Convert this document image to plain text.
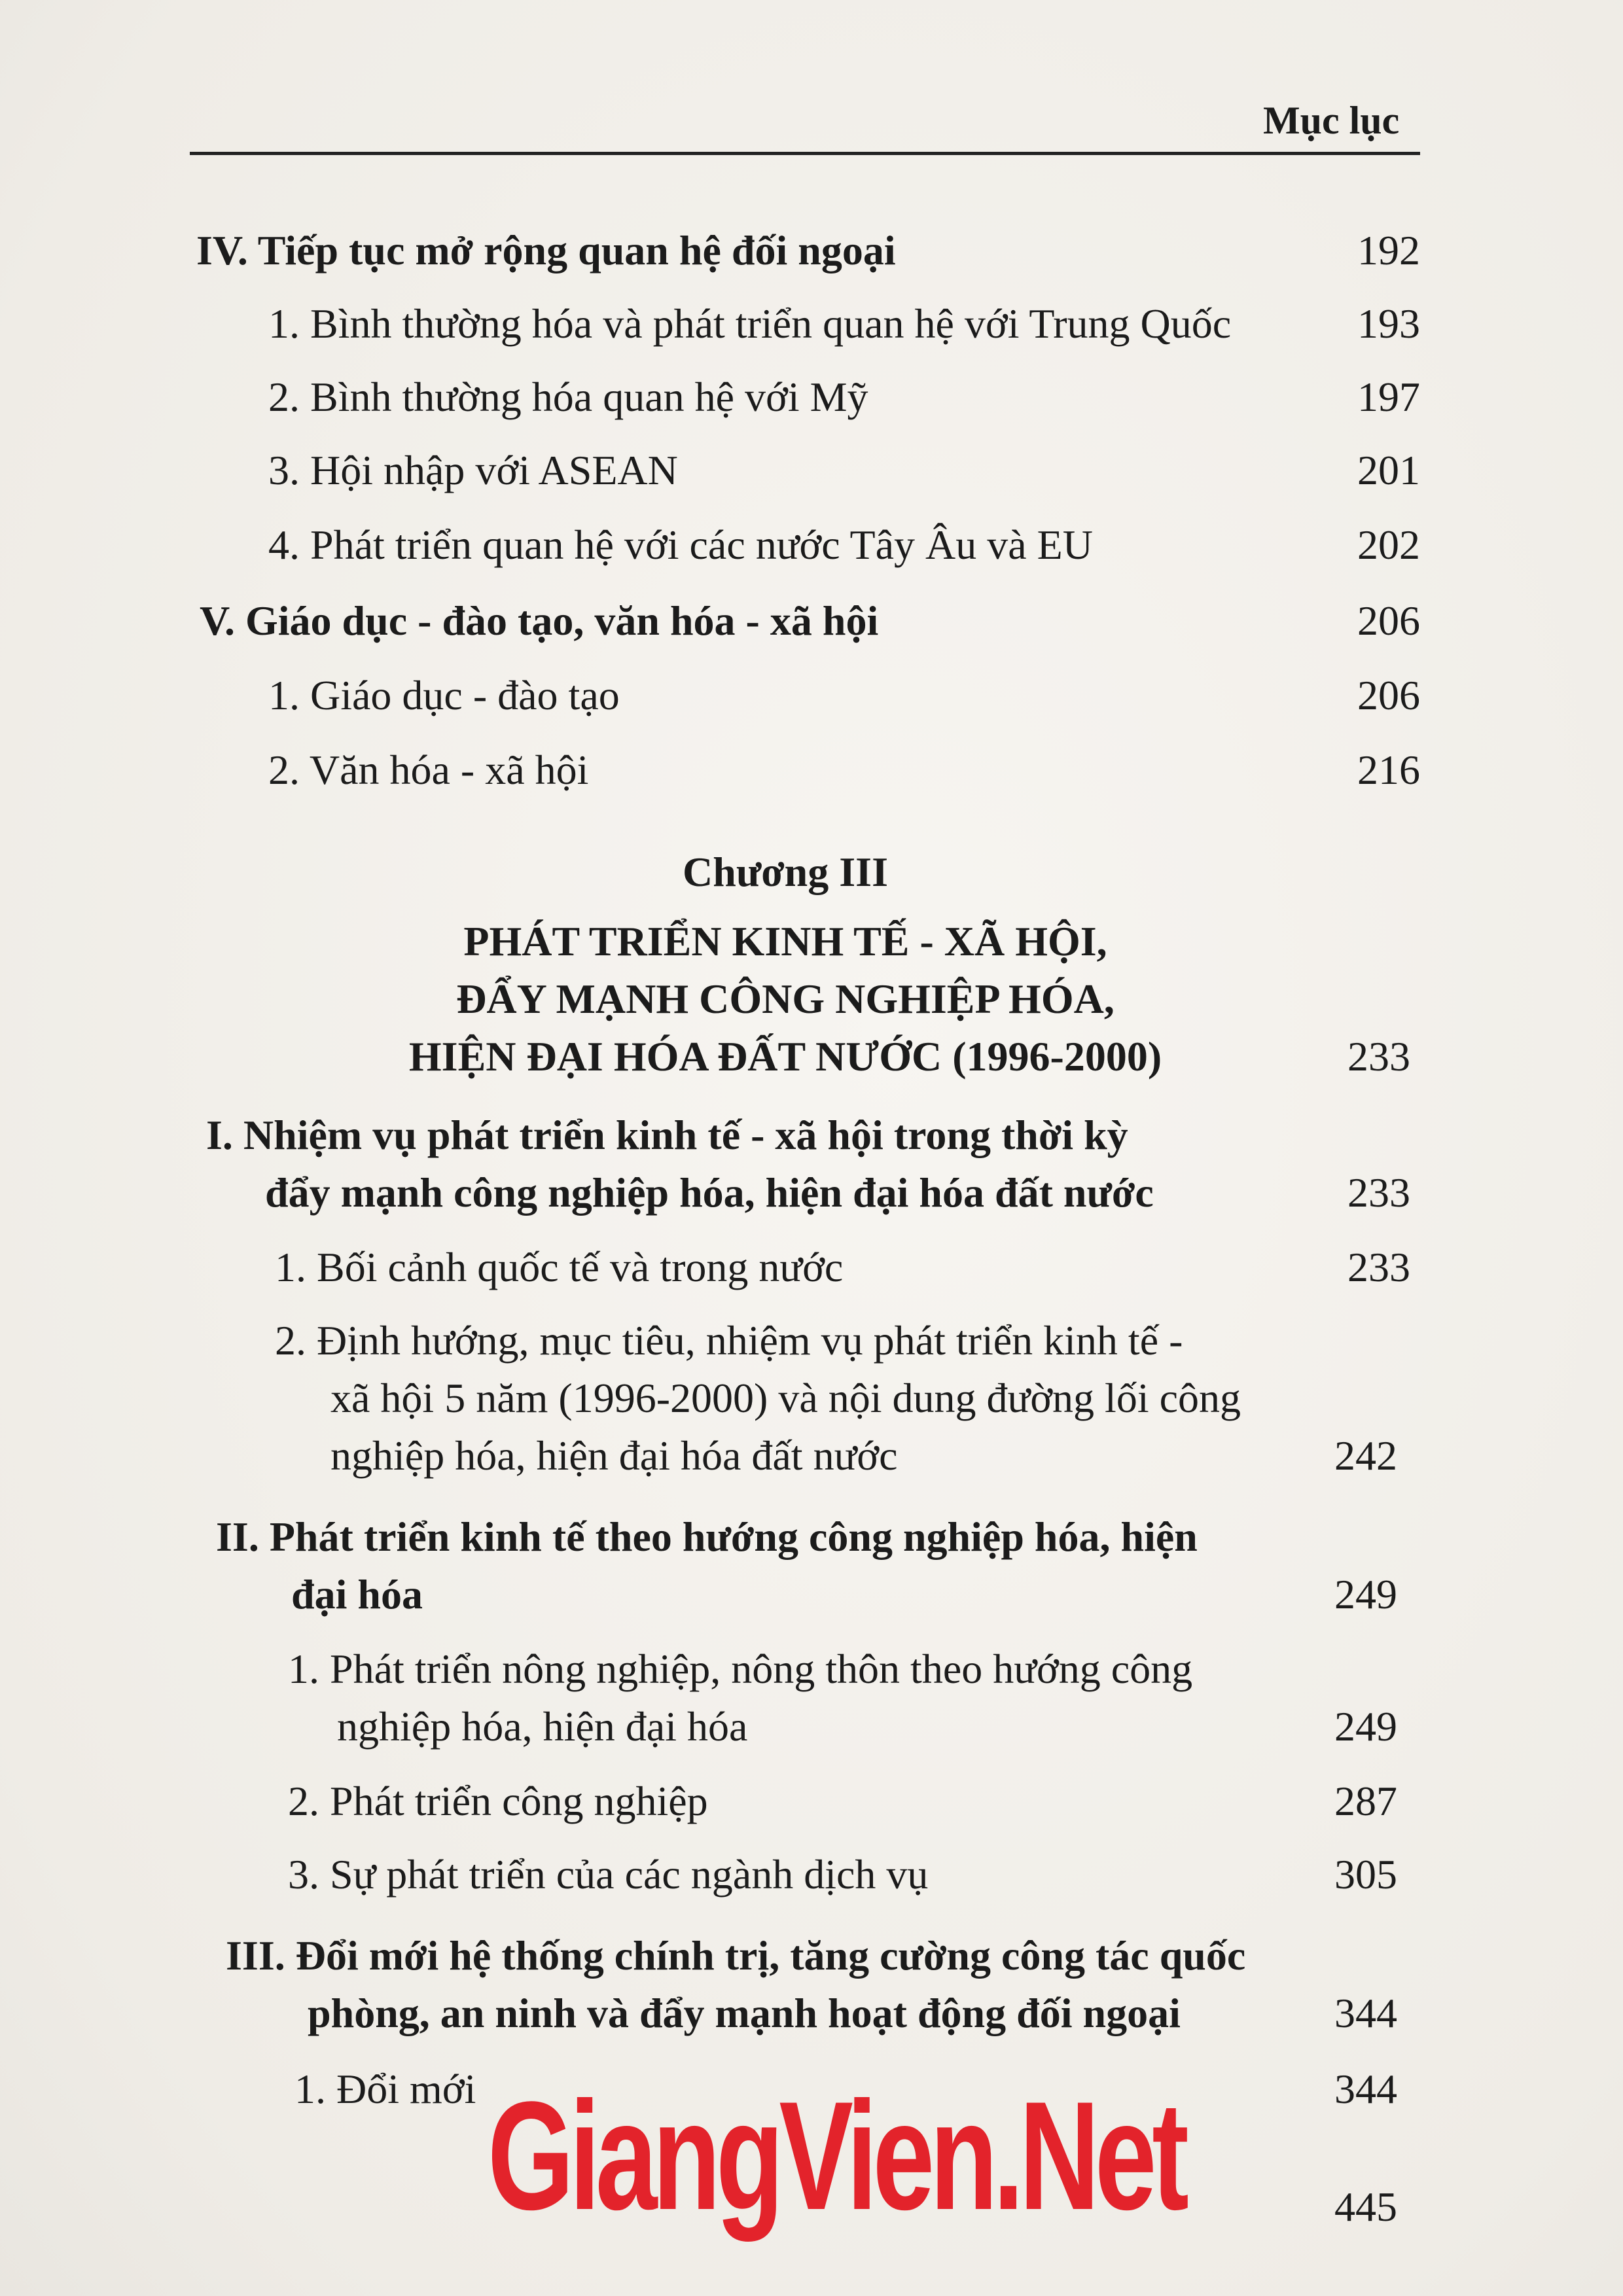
Mục lục
IV. Tiếp tục mở rộng quan hệ đối ngoại	192
1. Bình thường hóa và phát triển quan hệ với Trung Quốc	193
2. Bình thường hóa quan hệ với Mỹ	197
3. Hội nhập với ASEAN	201
4. Phát triển quan hệ với các nước Tây Âu và EU	202
V. Giáo dục - đào tạo, văn hóa - xã hội	206
1. Giáo dục - đào tạo	206
2. Văn hóa - xã hội	216
Chương III
PHÁT TRIỂN KINH TẾ - XÃ HỘI,
ĐẨY MẠNH CÔNG NGHIỆP HÓA,
HIỆN ĐẠI HÓA ĐẤT NƯỚC (1996-2000)	233
I. Nhiệm vụ phát triển kinh tế - xã hội trong thời kỳ
đẩy mạnh công nghiệp hóa, hiện đại hóa đất nước	233
1. Bối cảnh quốc tế và trong nước	233
2. Định hướng, mục tiêu, nhiệm vụ phát triển kinh tế -
xã hội 5 năm (1996-2000) và nội dung đường lối công
nghiệp hóa, hiện đại hóa đất nước	242
II. Phát triển kinh tế theo hướng công nghiệp hóa, hiện
đại hóa	249
1. Phát triển nông nghiệp, nông thôn theo hướng công
nghiệp hóa, hiện đại hóa	249
2. Phát triển công nghiệp	287
3. Sự phát triển của các ngành dịch vụ	305
III. Đổi mới hệ thống chính trị, tăng cường công tác quốc
phòng, an ninh và đẩy mạnh hoạt động đối ngoại	344
1. Đổi mới	344
GiangVien.Net	445
